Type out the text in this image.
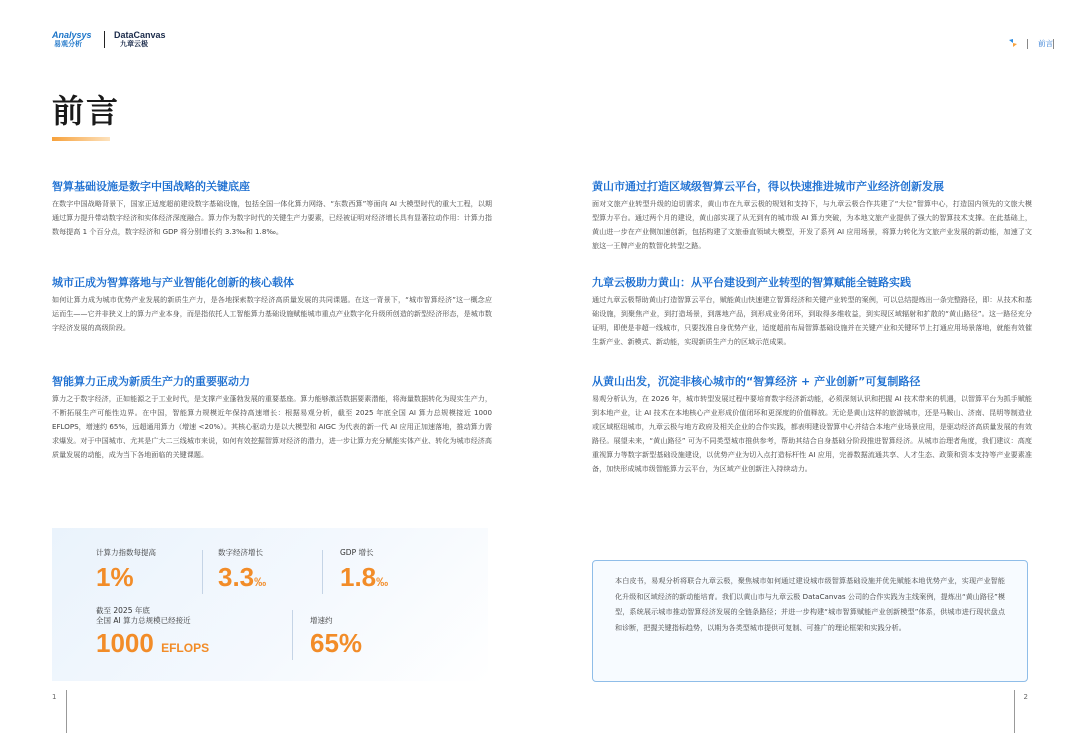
Analysys
易观分析
DataCanvas
九章云极
前言
智算基础设施是数字中国战略的关键底座

在数字中国战略背景下，国家正适度超前建设数字基础设施，包括全国一体化算力网络、“东数西算”等面向 AI 大模型时代的重大工程，以期通过算力提升带动数字经济和实体经济深度融合。算力作为数字时代的关键生产力要素，已经被证明对经济增长具有显著拉动作用：计算力指数每提高 1 个百分点，数字经济和 GDP 将分别增长约 3.3‰和 1.8‰。

城市正成为智算落地与产业智能化创新的核心载体

如何让算力成为城市优势产业发展的新质生产力，是各地探索数字经济高质量发展的共同课题。在这一背景下，“城市智算经济”这一概念应运而生——它并非狭义上的算力产业本身，而是指依托人工智能算力基础设施赋能城市重点产业数字化升级所创造的新型经济形态，是城市数字经济发展的高级阶段。

智能算力正成为新质生产力的重要驱动力

算力之于数字经济，正如能源之于工业时代，是支撑产业蓬勃发展的重要基座。算力能够激活数据要素潜能，将海量数据转化为现实生产力，不断拓展生产可能性边界。在中国，智能算力规模近年保持高速增长：根据易观分析，截至 2025 年底全国 AI 算力总规模接近 1000 EFLOPS，增速约 65%，远超通用算力（增速 <20%）。其核心驱动力是以大模型和 AIGC 为代表的新一代 AI 应用正加速落地，推动算力需求爆发。对于中国城市、尤其是广大二三线城市来说，如何有效挖掘智算对经济的潜力，进一步让算力充分赋能实体产业、转化为城市经济高质量发展的动能，成为当下各地面临的关键课题。

计算力指数每提高
1%
数字经济增长
3.3‰
GDP 增长
1.8‰
截至 2025 年底
全国 AI 算力总规模已经接近
1000 EFLOPS
增速约
65%
1
前言
黄山市通过打造区域级智算云平台，得以快速推进城市产业经济创新发展

面对文旅产业转型升级的迫切需求，黄山市在九章云极的规划和支持下，与九章云极合作共建了“大位”智算中心，打造国内领先的文旅大模型算力平台。通过两个月的建设，黄山部实现了从无到有的城市级 AI 算力突破，为本地文旅产业提供了强大的智算技术支撑。在此基础上，黄山进一步在产业侧加速创新，包括构建了文旅垂直领域大模型，开发了系列 AI 应用场景，将算力转化为文旅产业发展的新动能，加速了文旅这一王牌产业的数智化转型之路。

九章云极助力黄山：从平台建设到产业转型的智算赋能全链路实践

通过九章云极帮助黄山打造智算云平台，赋能黄山快速建立智算经济和关键产业转型的案例，可以总结提炼出一条完整路径，即：从技术和基础设施，到聚焦产业，到打造场景，到落地产品，到形成业务闭环，到取得多维收益，到实现区域辐射和扩散的“黄山路径”。这一路径充分证明，即使是非超一线城市，只要找准自身优势产业，适度超前布局智算基础设施并在关键产业和关键环节上打通应用场景落地，就能有效催生新产业、新模式、新动能，实现新质生产力的区域示范成果。

从黄山出发，沉淀非核心城市的“智算经济 + 产业创新”可复制路径

易观分析认为，在 2026 年，城市转型发展过程中要培育数字经济新动能，必须深刻认识和把握 AI 技术带来的机遇，以智算平台为抓手赋能到本地产业，让 AI 技术在本地核心产业形成价值闭环和更深度的价值释放。无论是黄山这样的旅游城市，还是马鞍山、济南、昆明等制造业或区域枢纽城市，九章云极与地方政府及相关企业的合作实践，都表明建设智算中心并结合本地产业场景应用，是驱动经济高质量发展的有效路径。展望未来，“黄山路径” 可为不同类型城市推供参考，帮助其结合自身基础分阶段推进智算经济。从城市治理者角度，我们建议：高度重视算力等数字新型基础设施建设，以优势产业为切入点打造标杆性 AI 应用，完善数据流通共享、人才生态、政策和资本支持等产业要素准备，加快形成城市级智能算力云平台，为区域产业创新注入持续动力。

本白皮书，易观分析将联合九章云极，聚焦城市如何通过建设城市级智算基础设施并优先赋能本地优势产业，实现产业智能化升级和区域经济的新动能培育。我们以黄山市与九章云极 DataCanvas 公司的合作实践为主线案例，提炼出“黄山路径”模型，系统展示城市推动智算经济发展的全链条路径；并进一步构建“城市智算赋能产业创新模型”体系，供城市进行现状盘点和诊断，把握关键指标趋势，以期为各类型城市提供可复制、可推广的理论框架和实践分析。

2
